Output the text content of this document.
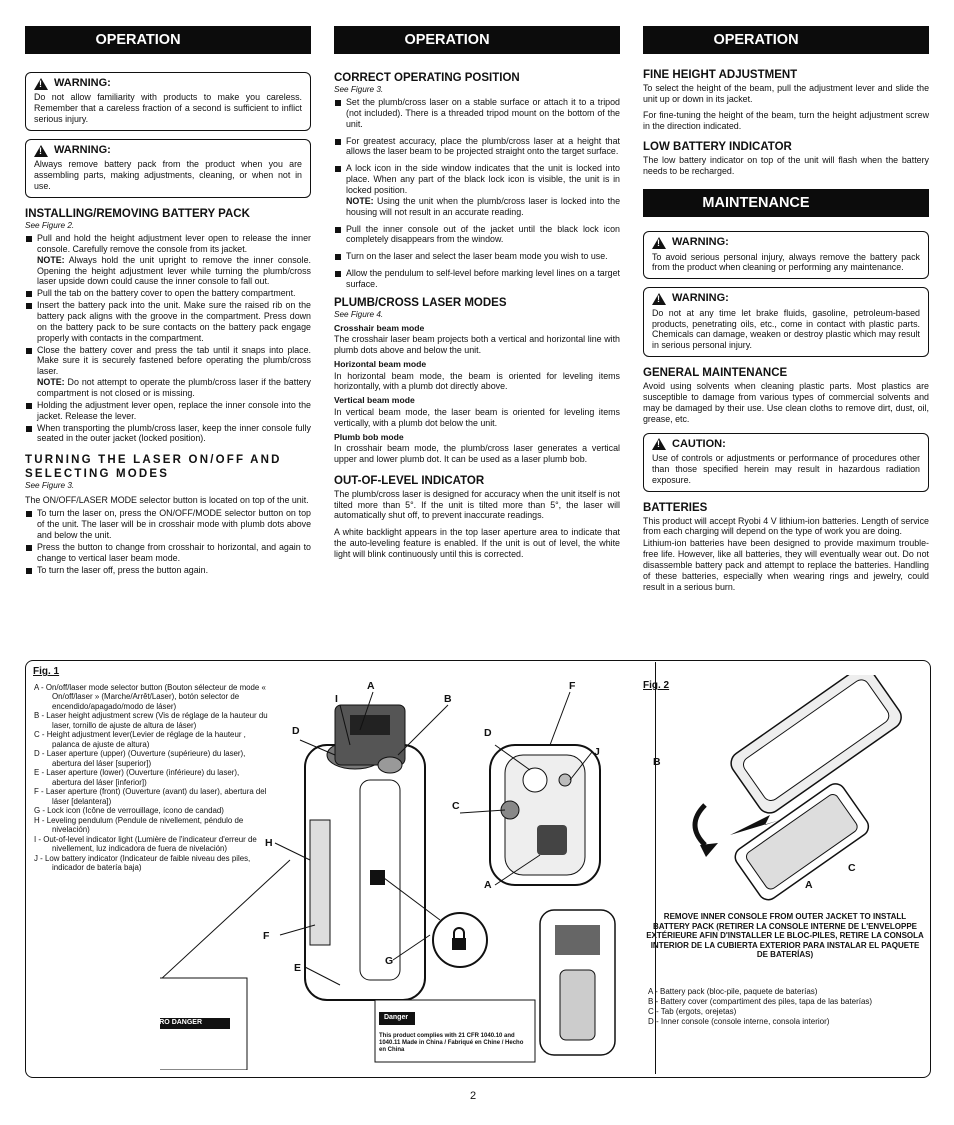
OPERATION
!
WARNING:

Do not allow familiarity with products to make you careless. Remember that a careless fraction of a second is sufficient to inflict serious injury.

!
WARNING:

Always remove battery pack from the product when you are assembling parts, making adjustments, cleaning, or when not in use.

INSTALLING/REMOVING BATTERY PACK
See Figure 2.
Pull and hold the height adjustment lever open to release the inner console. Carefully remove the console from its jacket.
NOTE: Always hold the unit upright to remove the inner console. Opening the height adjustment lever while turning the plumb/cross laser upside down could cause the inner console to fall out.
Pull the tab on the battery cover to open the battery compartment.
Insert the battery pack into the unit. Make sure the raised rib on the battery pack aligns with the groove in the compartment. Press down on the battery pack to be sure contacts on the battery pack engage properly with contacts in the compartment.
Close the battery cover and press the tab until it snaps into place. Make sure it is securely fastened before operating the plumb/cross laser.
NOTE: Do not attempt to operate the plumb/cross laser if the battery compartment is not closed or is missing.
Holding the adjustment lever open, replace the inner console into the jacket. Release the lever.
When transporting the plumb/cross laser, keep the inner console fully seated in the outer jacket (locked position).
TURNING THE LASER ON/OFF AND
SELECTING MODES
See Figure 3.

The ON/OFF/LASER MODE selector button is located on top of the unit.

To turn the laser on, press the ON/OFF/MODE selector button on top of the unit. The laser will be in crosshair mode with plumb dots above and below the unit.
Press the button to change from crosshair to horizontal, and again to change to vertical laser beam mode.
To turn the laser off, press the button again.
OPERATION
CORRECT OPERATING POSITION
See Figure 3.
Set the plumb/cross laser on a stable surface or attach it to a tripod (not included). There is a threaded tripod mount on the bottom of the unit.
For greatest accuracy, place the plumb/cross laser at a height that allows the laser beam to be projected straight onto the target surface.
A lock icon in the side window indicates that the unit is locked into place. When any part of the black lock icon is visible, the unit is in locked position.
NOTE: Using the unit when the plumb/cross laser is locked into the housing will not result in an accurate reading.
Pull the inner console out of the jacket until the black lock icon completely disappears from the window.
Turn on the laser and select the laser beam mode you wish to use.
Allow the pendulum to self-level before marking level lines on a target surface.
PLUMB/CROSS LASER MODES
See Figure 4.
Crosshair beam mode

The crosshair laser beam projects both a vertical and horizontal line with plumb dots above and below the unit.

Horizontal beam mode

In horizontal beam mode, the beam is oriented for leveling items horizontally, with a plumb dot directly above.

Vertical beam mode

In vertical beam mode, the laser beam is oriented for leveling items vertically, with a plumb dot below the unit.

Plumb bob mode

In crosshair beam mode, the plumb/cross laser generates a vertical upper and lower plumb dot. It can be used as a laser plumb bob.

OUT-OF-LEVEL INDICATOR

The plumb/cross laser is designed for accuracy when the unit itself is not tilted more than 5°. If the unit is tilted more than 5°, the laser will automatically shut off, to prevent inaccurate readings.

A white backlight appears in the top laser aperture area to indicate that the auto-leveling feature is enabled. If the unit is out of level, the white light will blink continuously until this is corrected.

OPERATION
FINE HEIGHT ADJUSTMENT

To select the height of the beam, pull the adjustment lever and slide the unit up or down in its jacket.

For fine-tuning the height of the beam, turn the height adjustment screw in the direction indicated.

LOW BATTERY INDICATOR

The low battery indicator on top of the unit will flash when the battery needs to be recharged.

MAINTENANCE
!
WARNING:

To avoid serious personal injury, always remove the battery pack from the product when cleaning or performing any maintenance.

!
WARNING:

Do not at any time let brake fluids, gasoline, petroleum-based products, penetrating oils, etc., come in contact with plastic parts. Chemicals can damage, weaken or destroy plastic which may result in serious personal injury.

GENERAL MAINTENANCE

Avoid using solvents when cleaning plastic parts. Most plastics are susceptible to damage from various types of commercial solvents and may be damaged by their use. Use clean cloths to remove dirt, dust, oil, grease, etc.

!
CAUTION:

Use of controls or adjustments or performance of procedures other than those specified herein may result in hazardous radiation exposure.

BATTERIES

This product will accept Ryobi 4 V lithium-ion batteries. Length of service from each charging will depend on the type of work you are doing.

Lithium-ion batteries have been designed to provide maximum trouble-free life. However, like all batteries, they will eventually wear out. Do not disassemble battery pack and attempt to replace the batteries. Handling of these batteries, especially when wearing rings and jewelry, could result in a serious burn.

Fig. 1
A - On/off/laser mode selector button (Bouton sélecteur de mode « On/off/laser » (Marche/Arrêt/Laser), botón selector de encendido/apagado/modo de láser)
B - Laser height adjustment screw (Vis de réglage de la hauteur du laser, tornillo de ajuste de altura de láser)
C - Height adjustment lever(Levier de réglage de la hauteur , palanca de ajuste de altura)
D - Laser aperture (upper) (Ouverture (supérieure) du laser), abertura del láser [superior])
E - Laser aperture (lower) (Ouverture (inférieure) du laser), abertura del láser [inferior])
F - Laser aperture (front) (Ouverture (avant) du laser), abertura del láser [delantera])
G - Lock icon (Icône de verrouillage, ícono de candad)
H - Leveling pendulum (Pendule de nivellement, péndulo de nivelación)
I - Out-of-level indicator light (Lumière de l'indicateur d'erreur de nivellement, luz indicadora de fuera de nivelación)
J - Low battery indicator (Indicateur de faible niveau des piles, indicador de batería baja)
DANGER PELIGRO DANGER
Danger
This product complies with 21 CFR 1040.10 and 1040.11 Made in China / Fabriqué en Chine / Hecho en China
A
B
I
D
H
F
E
D
J
C
A
F
G
Fig. 2
B
C
A
REMOVE INNER CONSOLE FROM OUTER JACKET TO INSTALL BATTERY PACK (RETIRER LA CONSOLE INTERNE DE L'ENVELOPPE EXTÉRIEURE AFIN D'INSTALLER LE BLOC-PILES, RETIRE LA CONSOLA INTERIOR DE LA CUBIERTA EXTERIOR PARA INSTALAR EL PAQUETE DE BATERÍAS)
A - Battery pack (bloc-pile, paquete de baterías)
B - Battery cover (compartiment des piles, tapa de las baterías)
C - Tab (ergots, orejetas)
D - Inner console (console interne, consola interior)
2
